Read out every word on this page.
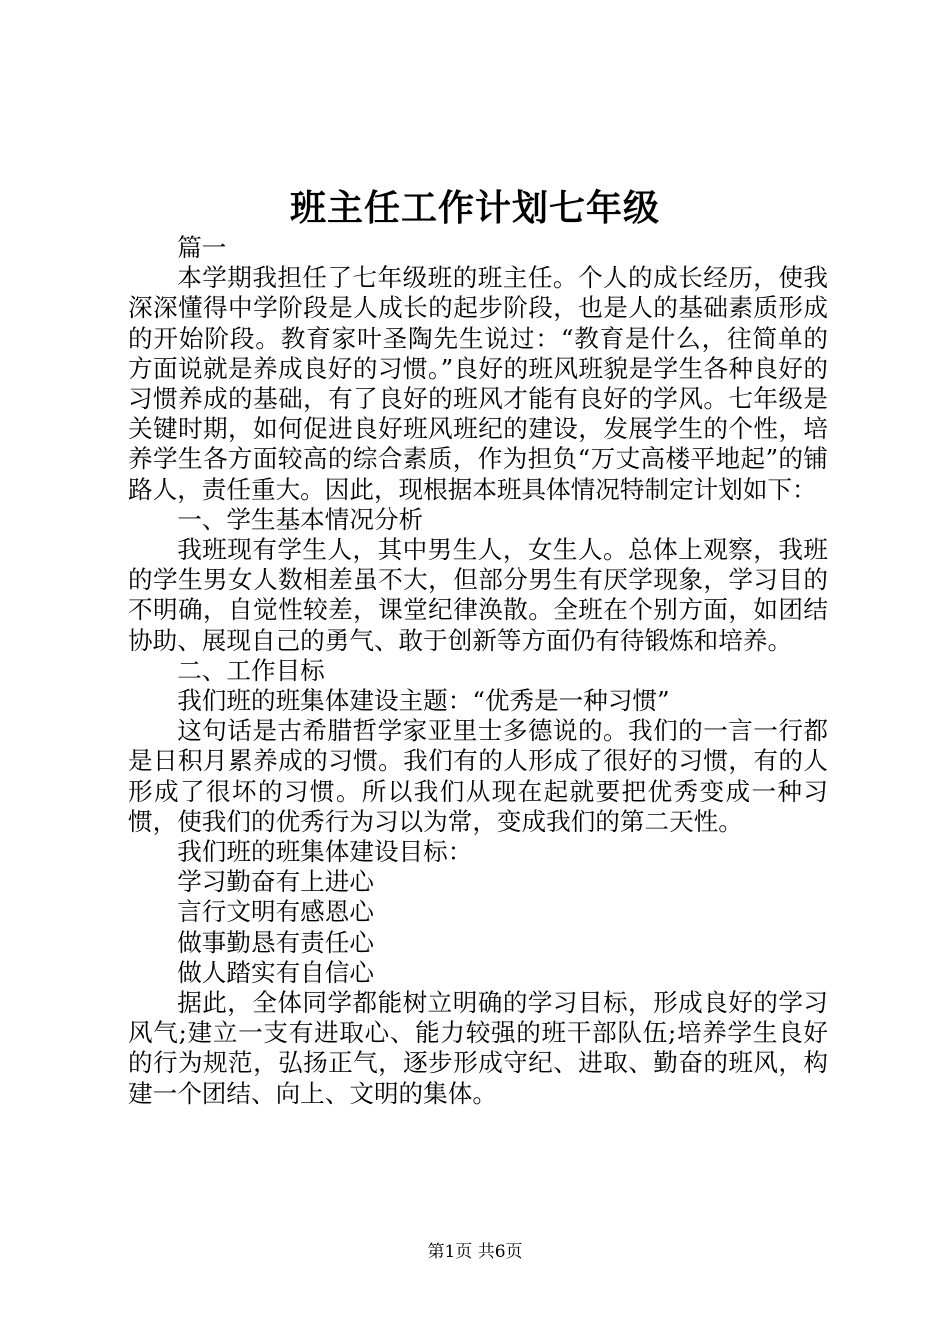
班主任工作计划七年级

篇一

本学期我担任了七年级班的班主任。个人的成长经历，使我深深懂得中学阶段是人成长的起步阶段，也是人的基础素质形成的开始阶段。教育家叶圣陶先生说过：“教育是什么，往简单的方面说就是养成良好的习惯。”良好的班风班貌是学生各种良好的习惯养成的基础，有了良好的班风才能有良好的学风。七年级是关键时期，如何促进良好班风班纪的建设，发展学生的个性，培养学生各方面较高的综合素质，作为担负“万丈高楼平地起”的铺路人，责任重大。因此，现根据本班具体情况特制定计划如下：

一、学生基本情况分析

我班现有学生人，其中男生人，女生人。总体上观察，我班的学生男女人数相差虽不大，但部分男生有厌学现象，学习目的不明确，自觉性较差，课堂纪律涣散。全班在个别方面，如团结协助、展现自己的勇气、敢于创新等方面仍有待锻炼和培养。

二、工作目标

我们班的班集体建设主题：“优秀是一种习惯”

这句话是古希腊哲学家亚里士多德说的。我们的一言一行都是日积月累养成的习惯。我们有的人形成了很好的习惯，有的人形成了很坏的习惯。所以我们从现在起就要把优秀变成一种习惯，使我们的优秀行为习以为常，变成我们的第二天性。

我们班的班集体建设目标：

学习勤奋有上进心

言行文明有感恩心

做事勤恳有责任心

做人踏实有自信心

据此，全体同学都能树立明确的学习目标，形成良好的学习风气;建立一支有进取心、能力较强的班干部队伍;培养学生良好的行为规范，弘扬正气，逐步形成守纪、进取、勤奋的班风，构建一个团结、向上、文明的集体。

第1页 共6页
